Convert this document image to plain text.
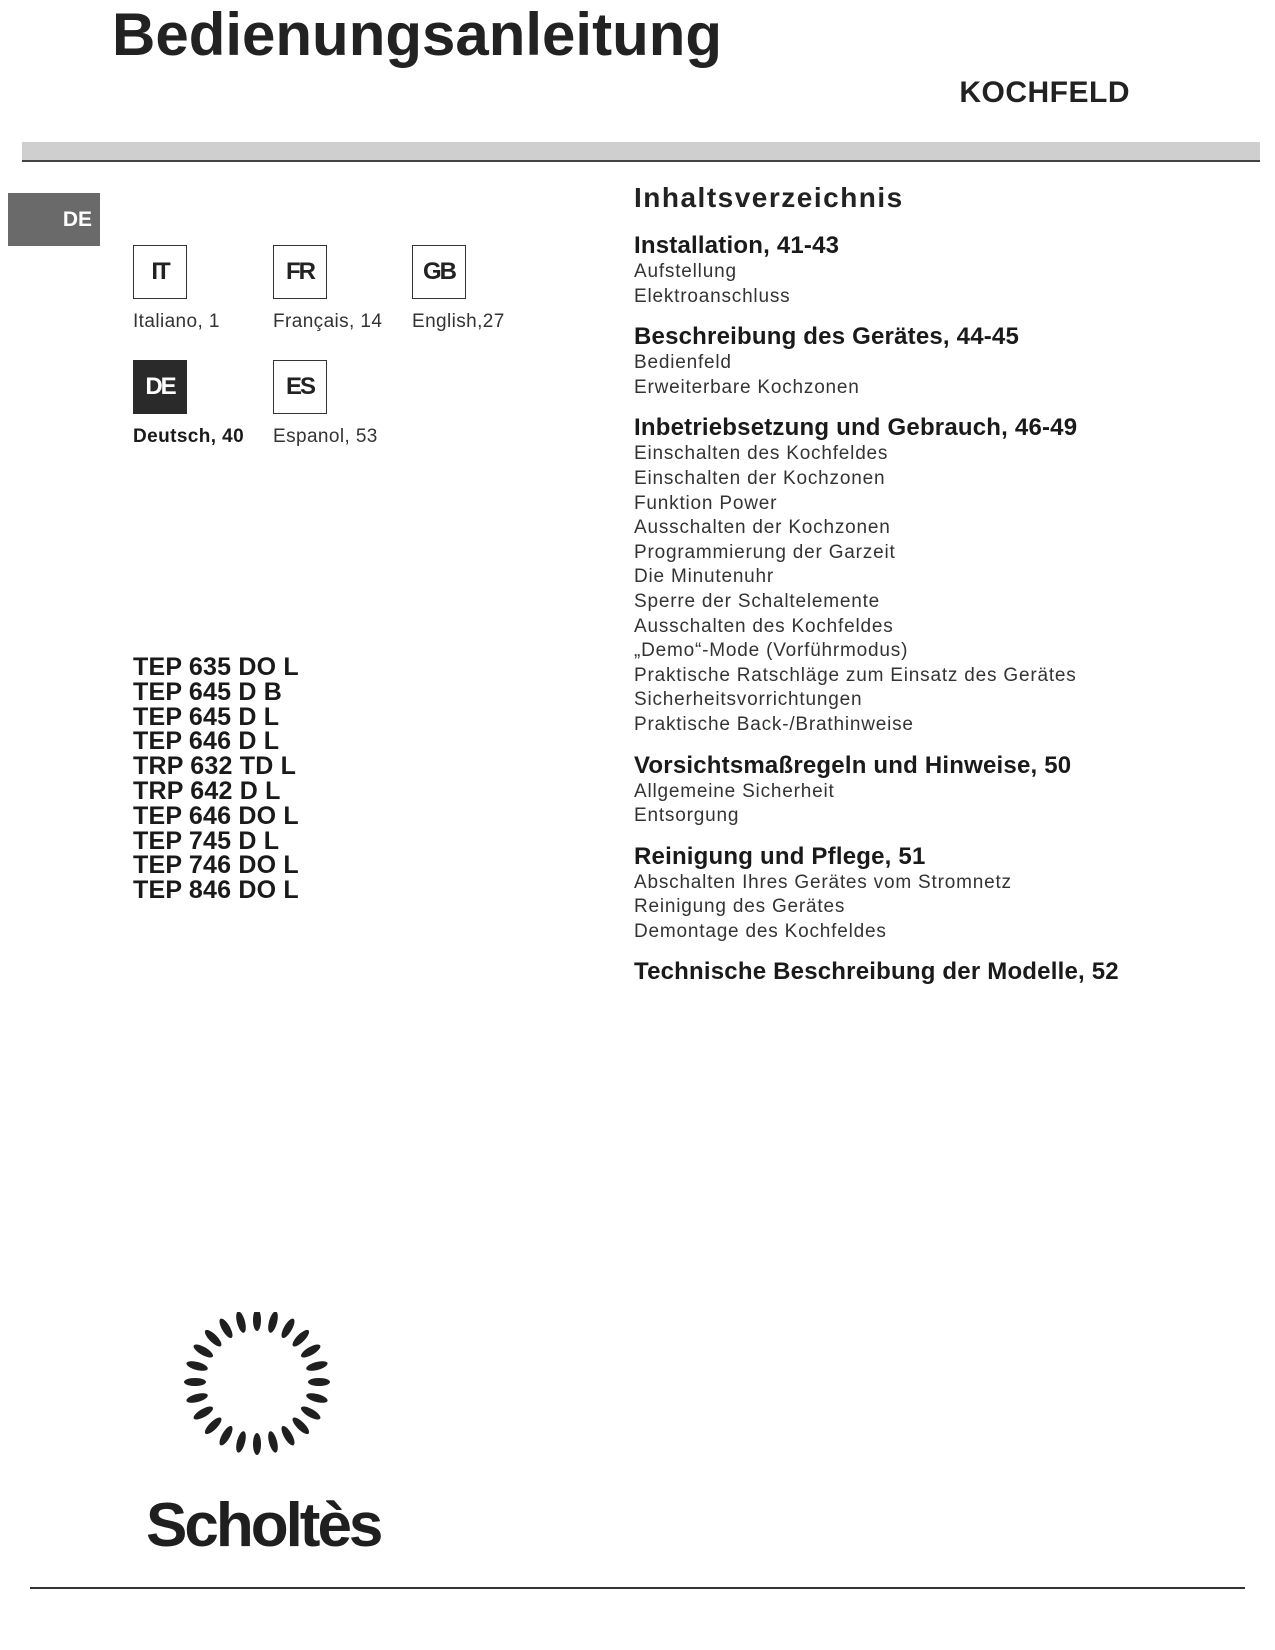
Bedienungsanleitung
KOCHFELD
DE
IT
Italiano, 1
FR
Français, 14
GB
English,27
DE
Deutsch, 40
ES
Espanol, 53
TEP 635 DO L
TEP 645 D B
TEP 645 D L
TEP 646 D L
TRP 632 TD L
TRP 642 D L
TEP 646 DO L
TEP 745 D L
TEP 746 DO L
TEP 846 DO L
Inhaltsverzeichnis
Installation, 41-43
Aufstellung
Elektroanschluss
Beschreibung des Gerätes, 44-45
Bedienfeld
Erweiterbare Kochzonen
Inbetriebsetzung und Gebrauch, 46-49
Einschalten des Kochfeldes
Einschalten der Kochzonen
Funktion Power
Ausschalten der Kochzonen
Programmierung der Garzeit
Die Minutenuhr
Sperre der Schaltelemente
Ausschalten des Kochfeldes
„Demo“-Mode (Vorführmodus)
Praktische Ratschläge zum Einsatz des Gerätes
Sicherheitsvorrichtungen
Praktische Back-/Brathinweise
Vorsichtsmaßregeln und Hinweise, 50
Allgemeine Sicherheit
Entsorgung
Reinigung und Pflege, 51
Abschalten Ihres Gerätes vom Stromnetz
Reinigung des Gerätes
Demontage des Kochfeldes
Technische Beschreibung der Modelle, 52
Scholtès
